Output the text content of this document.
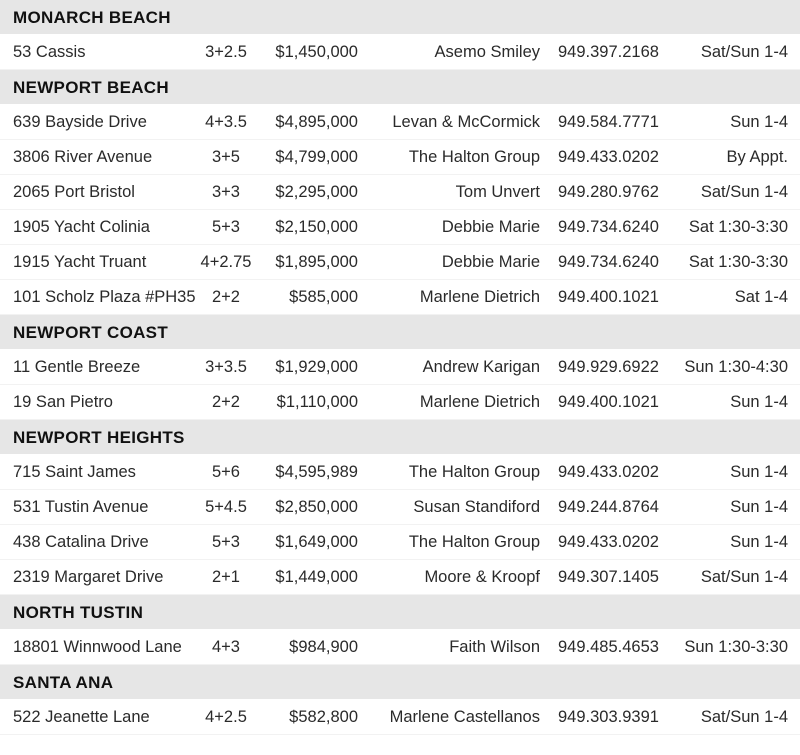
MONARCH BEACH
53 Cassis	3+2.5	$1,450,000	Asemo Smiley 949.397.2168	Sat/Sun 1-4
NEWPORT BEACH
639 Bayside Drive	4+3.5	$4,895,000 Levan & McCormick 949.584.7771	Sun 1-4
3806 River Avenue	3+5	$4,799,000	The Halton Group 949.433.0202	By Appt.
2065 Port Bristol	3+3	$2,295,000	Tom Unvert 949.280.9762	Sat/Sun 1-4
1905 Yacht Colinia	5+3	$2,150,000	Debbie Marie 949.734.6240 Sat 1:30-3:30
1915 Yacht Truant	4+2.75 $1,895,000	Debbie Marie 949.734.6240 Sat 1:30-3:30
101 Scholz Plaza #PH35 2+2	$585,000	Marlene Dietrich 949.400.1021	Sat 1-4
NEWPORT COAST
11 Gentle Breeze	3+3.5	$1,929,000	Andrew Karigan 949.929.6922 Sun 1:30-4:30
19 San Pietro	2+2	$1,110,000	Marlene Dietrich 949.400.1021	Sun 1-4
NEWPORT HEIGHTS
715 Saint James	5+6	$4,595,989	The Halton Group 949.433.0202	Sun 1-4
531 Tustin Avenue	5+4.5	$2,850,000	Susan Standiford 949.244.8764	Sun 1-4
438 Catalina Drive	5+3	$1,649,000	The Halton Group 949.433.0202	Sun 1-4
2319 Margaret Drive	2+1	$1,449,000	Moore & Kroopf 949.307.1405	Sat/Sun 1-4
NORTH TUSTIN
18801 Winnwood Lane	4+3	$984,900	Faith Wilson 949.485.4653 Sun 1:30-3:30
SANTA ANA
522 Jeanette Lane	4+2.5	$582,800 Marlene Castellanos 949.303.9391	Sat/Sun 1-4
